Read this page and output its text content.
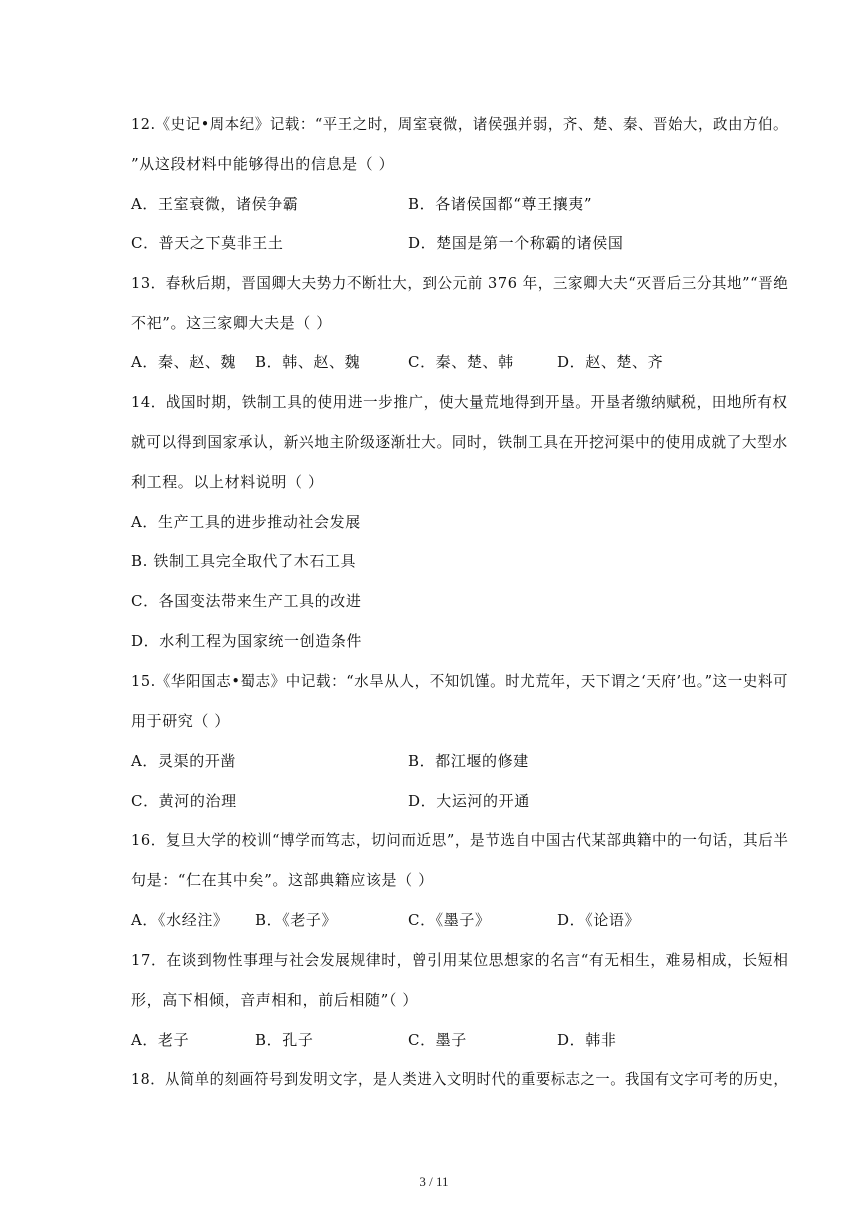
12.《史记•周本纪》记载：“平王之时，周室衰微，诸侯强并弱，齐、楚、秦、晋始大，政由方伯。
”从这段材料中能够得出的信息是（ ）
A．王室衰微，诸侯争霸	B．各诸侯国都“尊王攘夷”
C．普天之下莫非王土	D．楚国是第一个称霸的诸侯国
13．春秋后期，晋国卿大夫势力不断壮大，到公元前 376 年，三家卿大夫“灭晋后三分其地”“晋绝
不祀”。这三家卿大夫是（ ）
A．秦、赵、魏 B．韩、赵、魏	C．秦、楚、韩	D．赵、楚、齐
14．战国时期，铁制工具的使用进一步推广，使大量荒地得到开垦。开垦者缴纳赋税，田地所有权
就可以得到国家承认，新兴地主阶级逐渐壮大。同时，铁制工具在开挖河渠中的使用成就了大型水
利工程。以上材料说明（ ）
A．生产工具的进步推动社会发展
B. 铁制工具完全取代了木石工具
C．各国变法带来生产工具的改进
D．水利工程为国家统一创造条件
15.《华阳国志•蜀志》中记载：“水旱从人，不知饥馑。时尤荒年，天下谓之‘天府’也。”这一史料可
用于研究（ ）
A．灵渠的开凿	B．都江堰的修建
C．黄河的治理	D．大运河的开通
16．复旦大学的校训“博学而笃志，切问而近思”，是节选自中国古代某部典籍中的一句话，其后半
句是：“仁在其中矣”。这部典籍应该是（ ）
A．《水经注》 B．《老子》	C．《墨子》	D．《论语》
17．在谈到物性事理与社会发展规律时，曾引用某位思想家的名言“有无相生，难易相成，长短相
形，高下相倾，音声相和，前后相随”（ ）
A．老子	B．孔子	C．墨子	D．韩非
18．从简单的刻画符号到发明文字，是人类进入文明时代的重要标志之一。我国有文字可考的历史，
3 / 11
